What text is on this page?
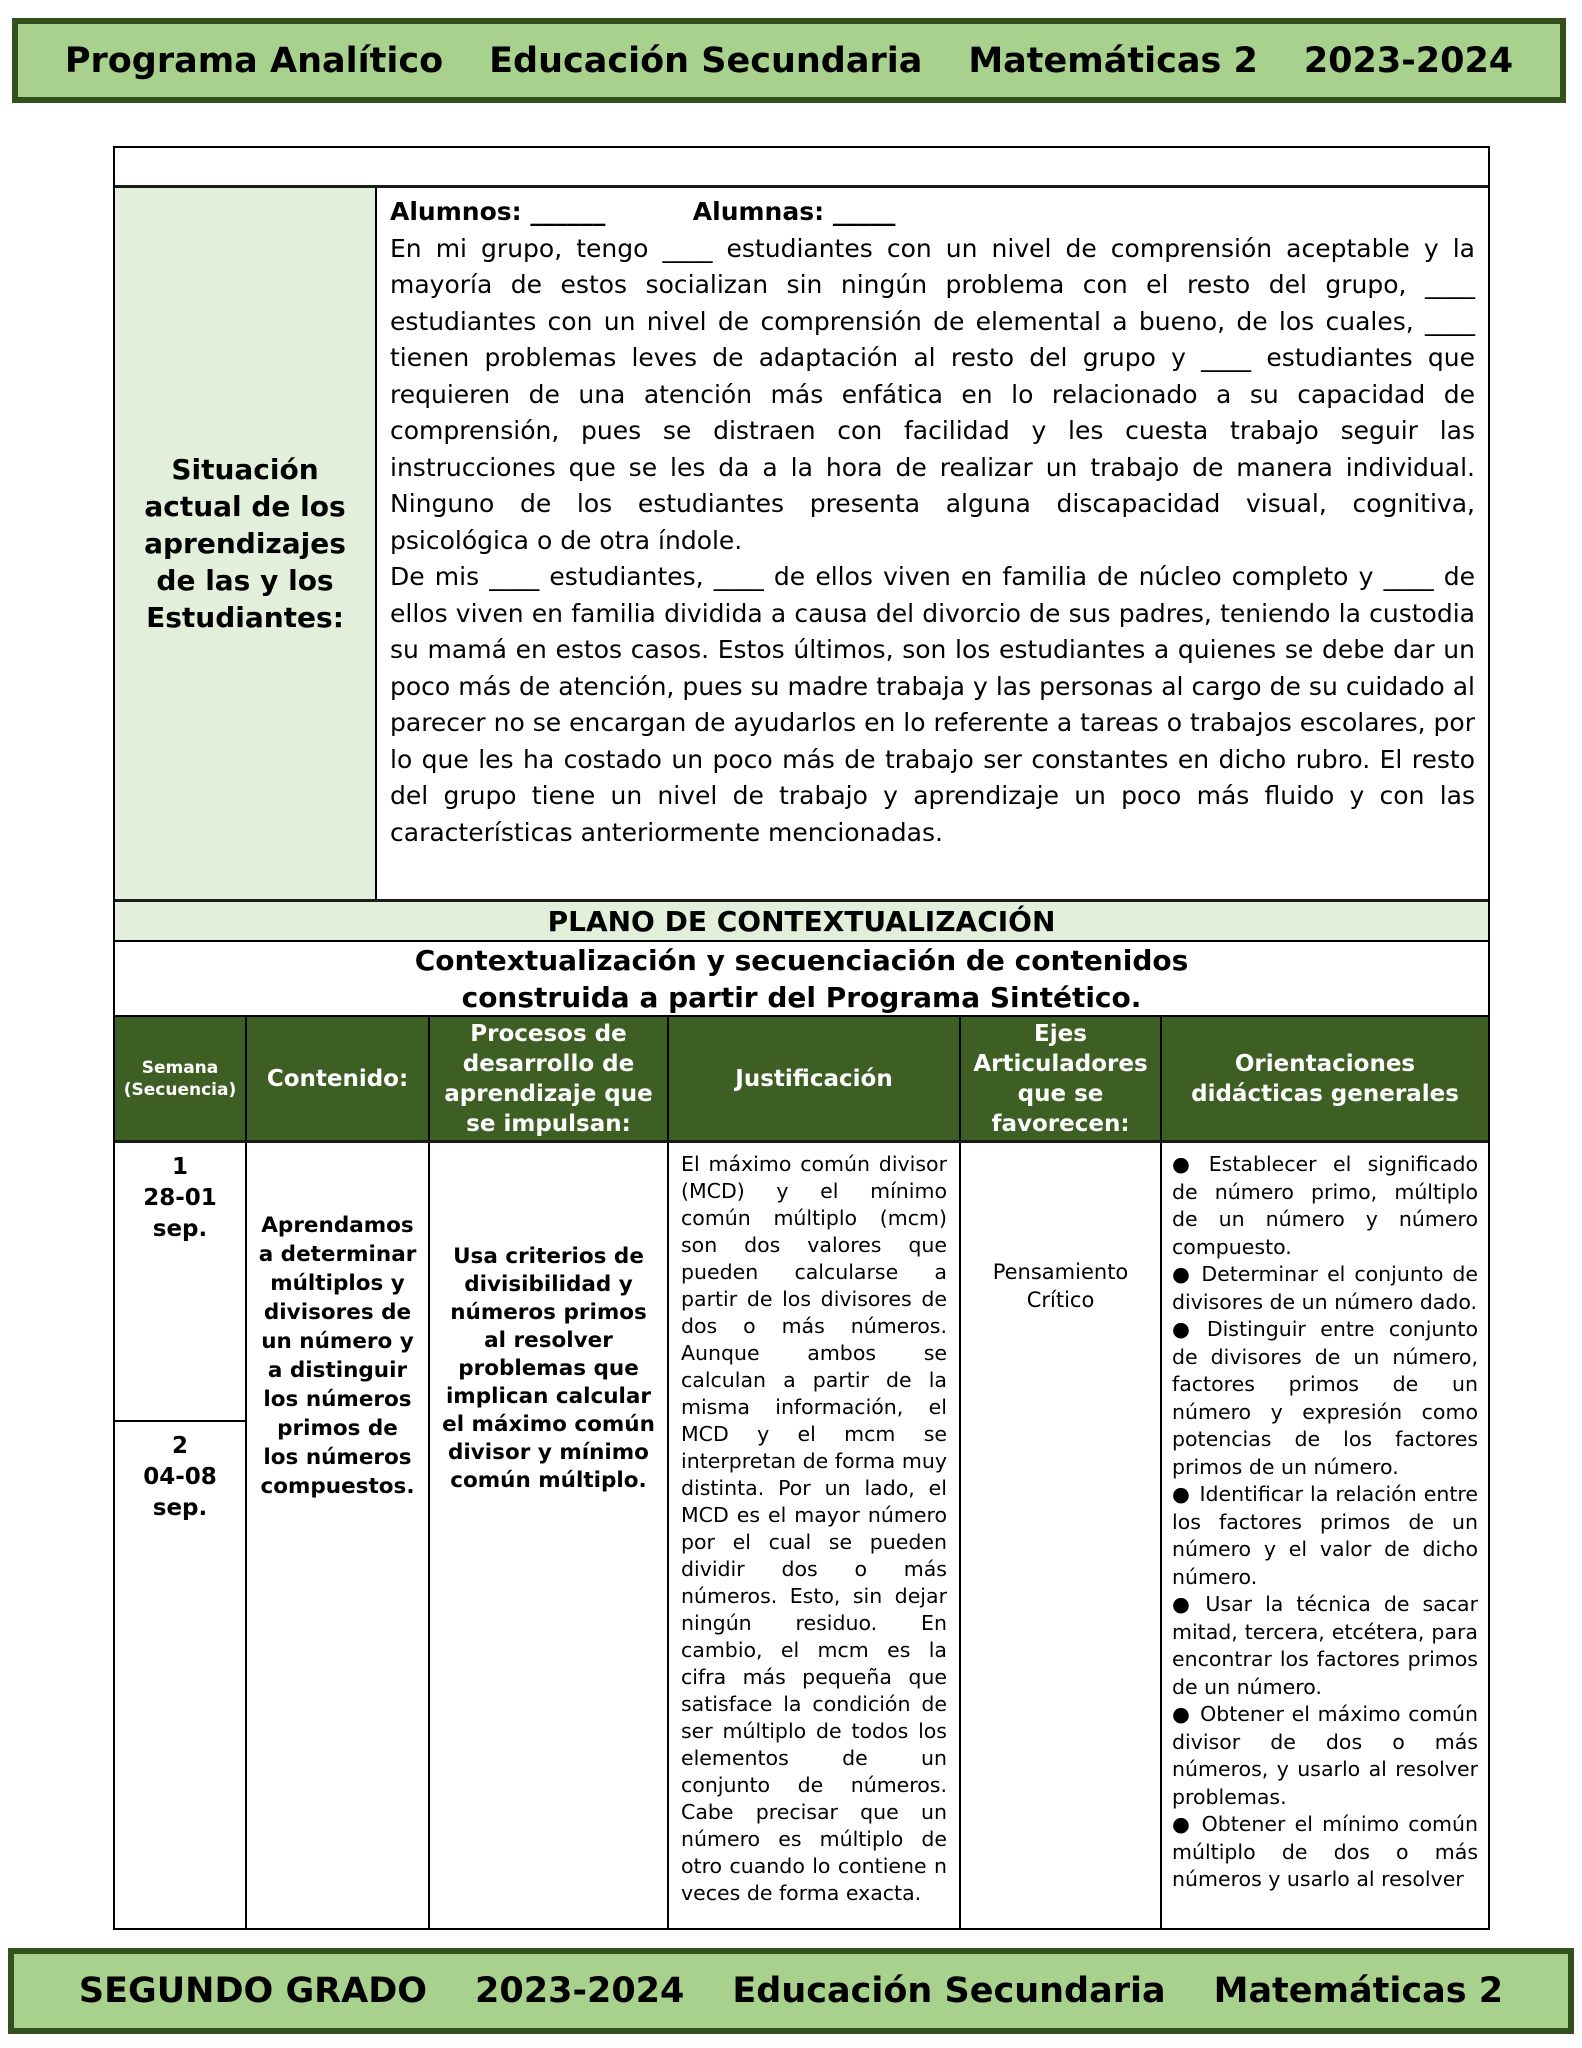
Programa Analítico Educación Secundaria Matemáticas 2 2023-2024
Situación actual de los aprendizajes de las y los Estudiantes:
Alumnos: ______	Alumnas: _____
En mi grupo, tengo ____ estudiantes con un nivel de comprensión aceptable y la mayoría de estos socializan sin ningún problema con el resto del grupo, ____ estudiantes con un nivel de comprensión de elemental a bueno, de los cuales, ____ tienen problemas leves de adaptación al resto del grupo y ____ estudiantes que requieren de una atención más enfática en lo relacionado a su capacidad de comprensión, pues se distraen con facilidad y les cuesta trabajo seguir las instrucciones que se les da a la hora de realizar un trabajo de manera individual. Ninguno de los estudiantes presenta alguna discapacidad visual, cognitiva, psicológica o de otra índole.
De mis ____ estudiantes, ____ de ellos viven en familia de núcleo completo y ____ de ellos viven en familia dividida a causa del divorcio de sus padres, teniendo la custodia su mamá en estos casos. Estos últimos, son los estudiantes a quienes se debe dar un poco más de atención, pues su madre trabaja y las personas al cargo de su cuidado al parecer no se encargan de ayudarlos en lo referente a tareas o trabajos escolares, por lo que les ha costado un poco más de trabajo ser constantes en dicho rubro. El resto del grupo tiene un nivel de trabajo y aprendizaje un poco más fluido y con las características anteriormente mencionadas.
PLANO DE CONTEXTUALIZACIÓN
Contextualización y secuenciación de contenidos
construida a partir del Programa Sintético.
Semana (Secuencia)	Contenido:
Procesos de desarrollo de aprendizaje que se impulsan:
Justificación
Ejes Articuladores que se favorecen:
Orientaciones didácticas generales
1
28-01
sep.
2
04-08
sep.
Aprendamos a determinar múltiplos y divisores de un número y a distinguir los números primos de los números compuestos.
Usa criterios de divisibilidad y números primos al resolver problemas que implican calcular el máximo común divisor y mínimo común múltiplo.
El máximo común divisor (MCD) y el mínimo común múltiplo (mcm) son dos valores que pueden calcularse a partir de los divisores de dos o más números. Aunque ambos se calculan a partir de la misma información, el MCD y el mcm se interpretan de forma muy distinta. Por un lado, el MCD es el mayor número por el cual se pueden dividir dos o más números. Esto, sin dejar ningún residuo. En cambio, el mcm es la cifra más pequeña que satisface la condición de ser múltiplo de todos los elementos de un conjunto de números. Cabe precisar que un número es múltiplo de otro cuando lo contiene n veces de forma exacta.
Pensamiento Crítico
● Establecer el significado de número primo, múltiplo de un número y número compuesto.
● Determinar el conjunto de divisores de un número dado.
● Distinguir entre conjunto de divisores de un número, factores primos de un número y expresión como potencias de los factores primos de un número.
● Identificar la relación entre los factores primos de un número y el valor de dicho número.
● Usar la técnica de sacar mitad, tercera, etcétera, para encontrar los factores primos de un número.
● Obtener el máximo común divisor de dos o más números, y usarlo al resolver problemas.
● Obtener el mínimo común múltiplo de dos o más números y usarlo al resolver
SEGUNDO GRADO 2023-2024 Educación Secundaria Matemáticas 2
